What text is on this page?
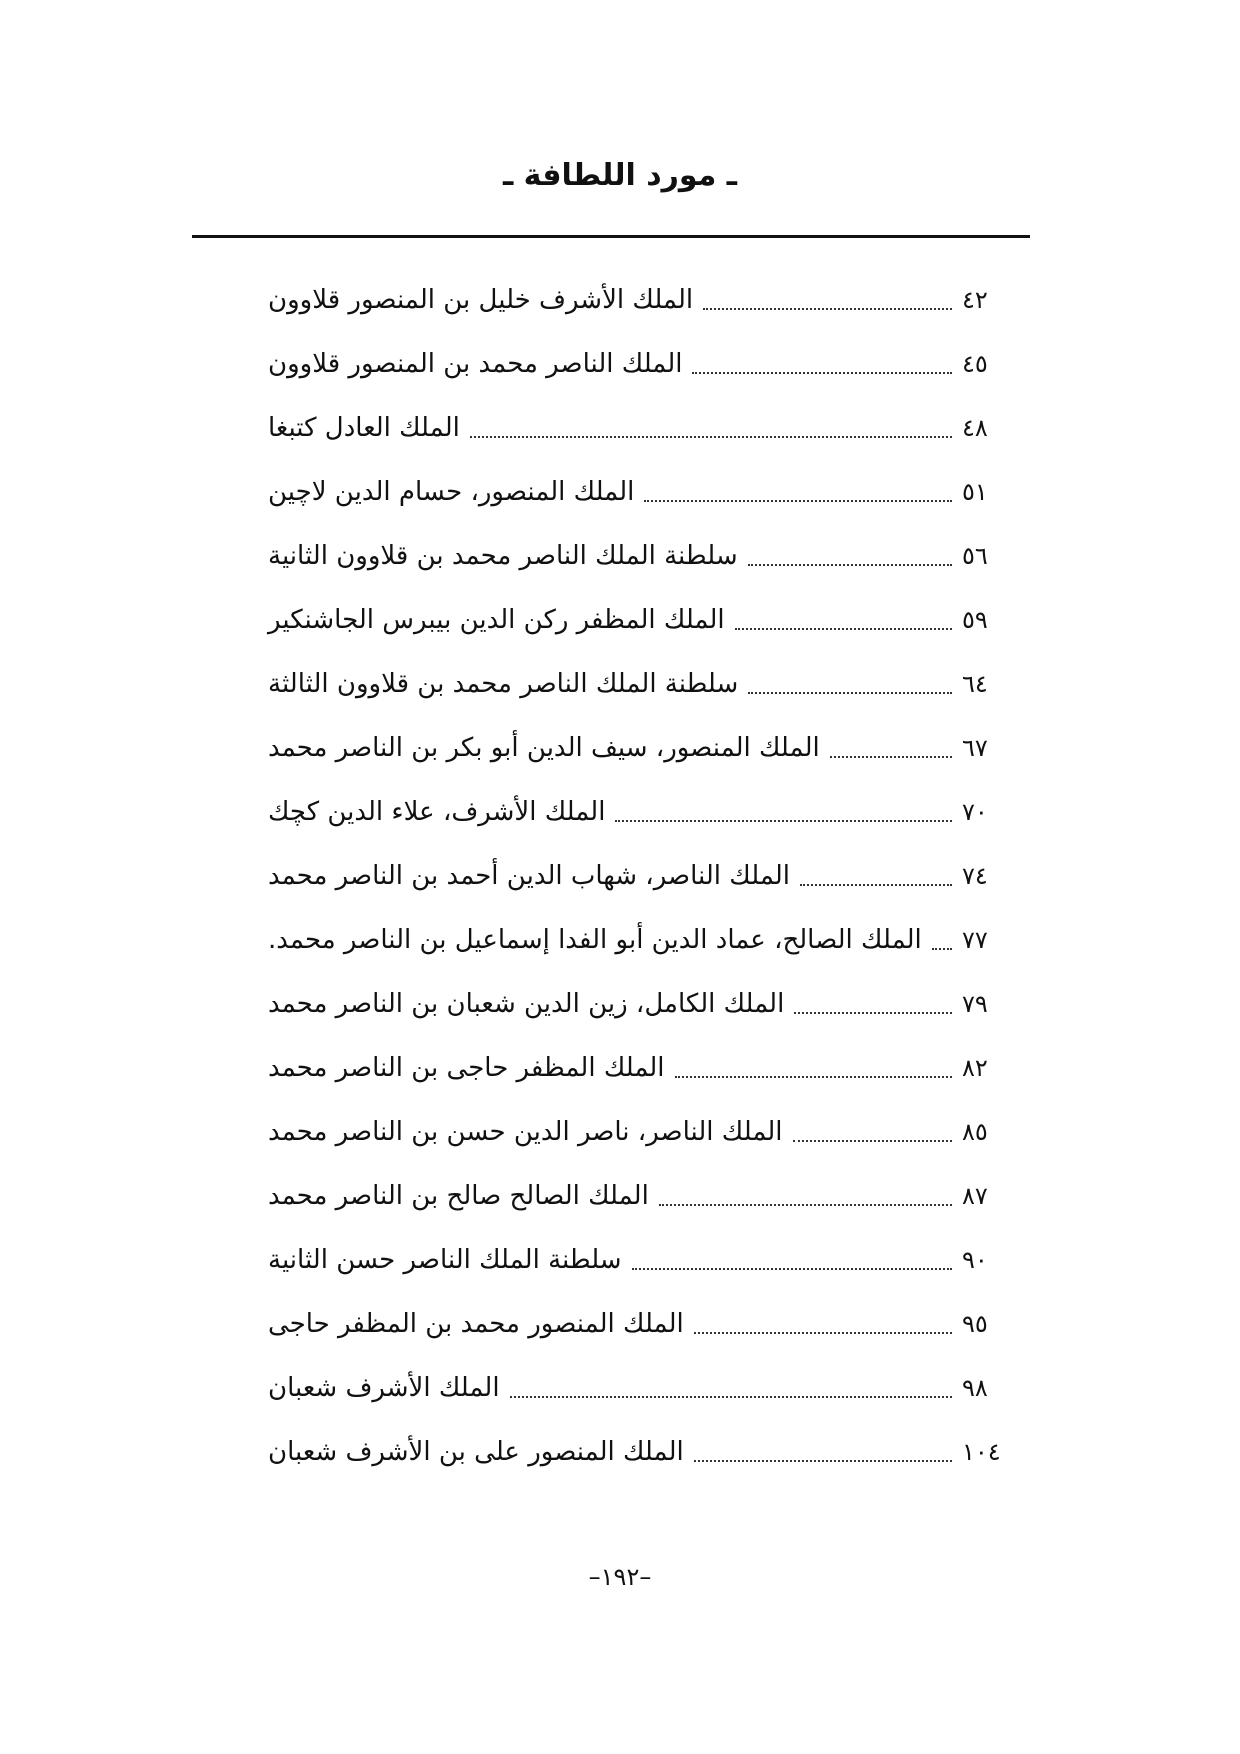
ـ مورد اللطافة ـ
الملك الأشرف خليل بن المنصور قلاوون	٤٢
الملك الناصر محمد بن المنصور قلاوون	٤٥
الملك العادل كتبغا	٤٨
الملك المنصور، حسام الدين لاچين	٥١
سلطنة الملك الناصر محمد بن قلاوون الثانية	٥٦
الملك المظفر ركن الدين بيبرس الجاشنكير	٥٩
سلطنة الملك الناصر محمد بن قلاوون الثالثة	٦٤
الملك المنصور، سيف الدين أبو بكر بن الناصر محمد	٦٧
الملك الأشرف، علاء الدين كچك	٧٠
الملك الناصر، شهاب الدين أحمد بن الناصر محمد	٧٤
الملك الصالح، عماد الدين أبو الفدا إسماعيل بن الناصر محمد. ٧٧
الملك الكامل، زين الدين شعبان بن الناصر محمد	٧٩
الملك المظفر حاجى بن الناصر محمد	٨٢
الملك الناصر، ناصر الدين حسن بن الناصر محمد	٨٥
الملك الصالح صالح بن الناصر محمد	٨٧
سلطنة الملك الناصر حسن الثانية	٩٠
الملك المنصور محمد بن المظفر حاجى	٩٥
الملك الأشرف شعبان	٩٨
الملك المنصور على بن الأشرف شعبان	١٠٤
–١٩٢–
